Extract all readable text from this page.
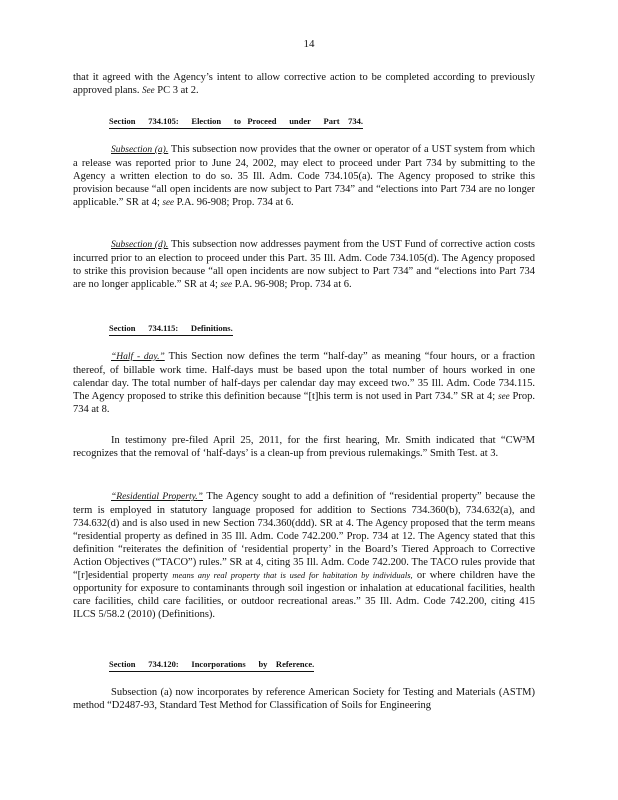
14

that it agreed with the Agency’s intent to allow corrective action to be completed according to previously approved plans. See PC 3 at 2.

Section      734.105:      Election      to   Proceed      under      Part    734.

Subsection (a). This subsection now provides that the owner or operator of a UST system from which a release was reported prior to June 24, 2002, may elect to proceed under Part 734 by submitting to the Agency a written election to do so. 35 Ill. Adm. Code 734.105(a). The Agency proposed to strike this provision because “all open incidents are now subject to Part 734” and “elections into Part 734 are no longer applicable.” SR at 4; see P.A. 96-908; Prop. 734 at 6.

Subsection (d). This subsection now addresses payment from the UST Fund of corrective action costs incurred prior to an election to proceed under this Part. 35 Ill. Adm. Code 734.105(d). The Agency proposed to strike this provision because “all open incidents are now subject to Part 734” and “elections into Part 734 are no longer applicable.” SR at 4; see P.A. 96-908; Prop. 734 at 6.

Section      734.115:      Definitions.

“Half - day.” This Section now defines the term “half-day” as meaning “four hours, or a fraction thereof, of billable work time. Half-days must be based upon the total number of hours worked in one calendar day. The total number of half-days per calendar day may exceed two.” 35 Ill. Adm. Code 734.115. The Agency proposed to strike this definition because “[t]his term is not used in Part 734.” SR at 4; see Prop. 734 at 8.

In testimony pre-filed April 25, 2011, for the first hearing, Mr. Smith indicated that “CW³M recognizes that the removal of ‘half-days’ is a clean-up from previous rulemakings.” Smith Test. at 3.

“Residential Property.” The Agency sought to add a definition of “residential property” because the term is employed in statutory language proposed for addition to Sections 734.360(b), 734.632(a), and 734.632(d) and is also used in new Section 734.360(ddd). SR at 4. The Agency proposed that the term means “residential property as defined in 35 Ill. Adm. Code 742.200.” Prop. 734 at 12. The Agency stated that this definition “reiterates the definition of ‘residential property’ in the Board’s Tiered Approach to Corrective Action Objectives (“TACO”) rules.” SR at 4, citing 35 Ill. Adm. Code 742.200. The TACO rules provide that “[r]esidential property means any real property that is used for habitation by individuals, or where children have the opportunity for exposure to contaminants through soil ingestion or inhalation at educational facilities, health care facilities, child care facilities, or outdoor recreational areas.” 35 Ill. Adm. Code 742.200, citing 415 ILCS 5/58.2 (2010) (Definitions).

Section      734.120:      Incorporations      by    Reference.

Subsection (a) now incorporates by reference American Society for Testing and Materials (ASTM) method “D2487-93, Standard Test Method for Classification of Soils for Engineering
